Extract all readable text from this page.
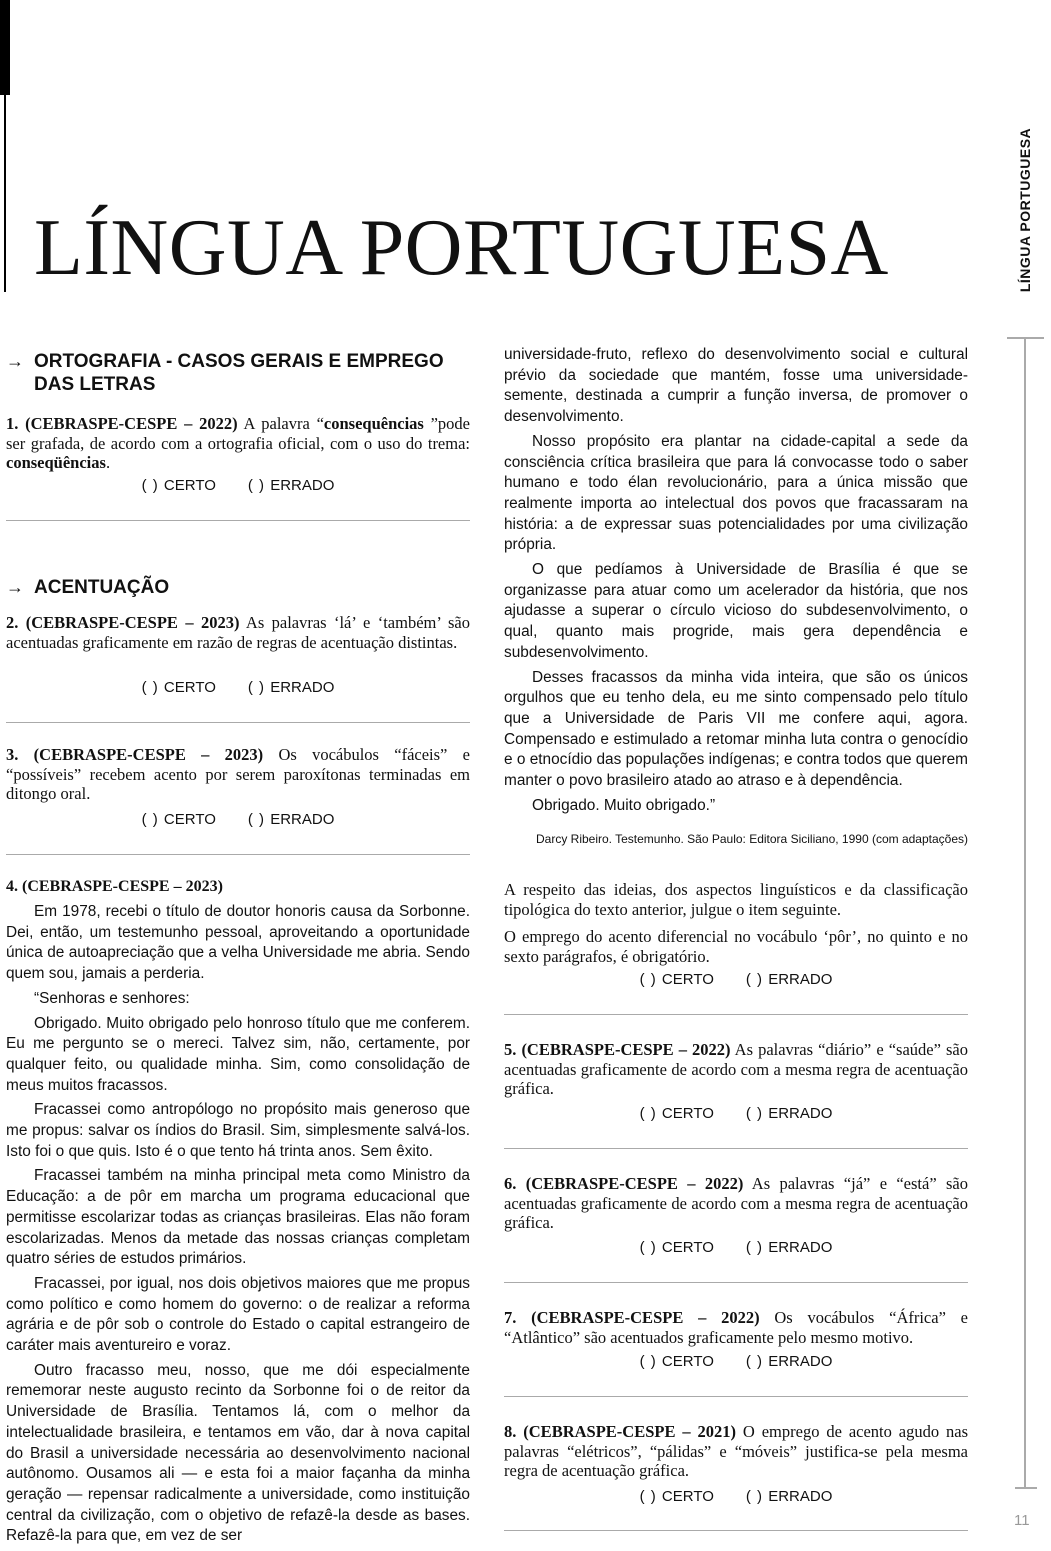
LÍNGUA PORTUGUESA	LÍNGUA PORTUGUESA
11
→ ORTOGRAFIA - CASOS GERAIS E EMPREGO DAS LETRAS

1. (CEBRASPE-CESPE – 2022) A palavra “consequências ”pode ser grafada, de acordo com a ortografia oficial, com o uso do trema: conseqüências.

( ) CERTO ( ) ERRADO
→ ACENTUAÇÃO

2. (CEBRASPE-CESPE – 2023) As palavras ‘lá’ e ‘também’ são acentuadas graficamente em razão de regras de acentuação distintas.

( ) CERTO ( ) ERRADO

3. (CEBRASPE-CESPE – 2023) Os vocábulos “fáceis” e “possíveis” recebem acento por serem paroxítonas terminadas em ditongo oral.

( ) CERTO ( ) ERRADO
4. (CEBRASPE-CESPE – 2023)

Em 1978, recebi o título de doutor honoris causa da Sorbonne. Dei, então, um testemunho pessoal, aproveitando a oportunidade única de autoapreciação que a velha Universidade me abria. Sendo quem sou, jamais a perderia.

“Senhoras e senhores:

Obrigado. Muito obrigado pelo honroso título que me conferem. Eu me pergunto se o mereci. Talvez sim, não, certamente, por qualquer feito, ou qualidade minha. Sim, como consolidação de meus muitos fracassos.

Fracassei como antropólogo no propósito mais generoso que me propus: salvar os índios do Brasil. Sim, simplesmente salvá-los. Isto foi o que quis. Isto é o que tento há trinta anos. Sem êxito.

Fracassei também na minha principal meta como Ministro da Educação: a de pôr em marcha um programa educacional que permitisse escolarizar todas as crianças brasileiras. Elas não foram escolarizadas. Menos da metade das nossas crianças completam quatro séries de estudos primários.

Fracassei, por igual, nos dois objetivos maiores que me propus como político e como homem do governo: o de realizar a reforma agrária e de pôr sob o controle do Estado o capital estrangeiro de caráter mais aventureiro e voraz.

Outro fracasso meu, nosso, que me dói especialmente rememorar neste augusto recinto da Sorbonne foi o de reitor da Universidade de Brasília. Tentamos lá, com o melhor da intelectualidade brasileira, e tentamos em vão, dar à nova capital do Brasil a universidade necessária ao desenvolvimento nacional autônomo. Ousamos ali — e esta foi a maior façanha da minha geração — repensar radicalmente a universidade, como instituição central da civilização, com o objetivo de refazê-la desde as bases. Refazê-la para que, em vez de ser

universidade-fruto, reflexo do desenvolvimento social e cultural prévio da sociedade que mantém, fosse uma universidade-semente, destinada a cumprir a função inversa, de promover o desenvolvimento.

Nosso propósito era plantar na cidade-capital a sede da consciência crítica brasileira que para lá convocasse todo o saber humano e todo élan revolucionário, para a única missão que realmente importa ao intelectual dos povos que fracassaram na história: a de expressar suas potencialidades por uma civilização própria.

O que pedíamos à Universidade de Brasília é que se organizasse para atuar como um acelerador da história, que nos ajudasse a superar o círculo vicioso do subdesenvolvimento, o qual, quanto mais progride, mais gera dependência e subdesenvolvimento.

Desses fracassos da minha vida inteira, que são os únicos orgulhos que eu tenho dela, eu me sinto compensado pelo título que a Universidade de Paris VII me confere aqui, agora. Compensado e estimulado a retomar minha luta contra o genocídio e o etnocídio das populações indígenas; e contra todos que querem manter o povo brasileiro atado ao atraso e à dependência.

Obrigado. Muito obrigado.”

Darcy Ribeiro. Testemunho. São Paulo: Editora Siciliano, 1990 (com adaptações)

A respeito das ideias, dos aspectos linguísticos e da classificação tipológica do texto anterior, julgue o item seguinte.

O emprego do acento diferencial no vocábulo ‘pôr’, no quinto e no sexto parágrafos, é obrigatório.

( ) CERTO ( ) ERRADO

5. (CEBRASPE-CESPE – 2022) As palavras “diário” e “saúde” são acentuadas graficamente de acordo com a mesma regra de acentuação gráfica.

( ) CERTO ( ) ERRADO

6. (CEBRASPE-CESPE – 2022) As palavras “já” e “está” são acentuadas graficamente de acordo com a mesma regra de acentuação gráfica.

( ) CERTO ( ) ERRADO

7. (CEBRASPE-CESPE – 2022) Os vocábulos “África” e “Atlântico” são acentuados graficamente pelo mesmo motivo.

( ) CERTO ( ) ERRADO

8. (CEBRASPE-CESPE – 2021) O emprego de acento agudo nas palavras “elétricos”, “pálidas” e “móveis” justifica-se pela mesma regra de acentuação gráfica.

( ) CERTO ( ) ERRADO
